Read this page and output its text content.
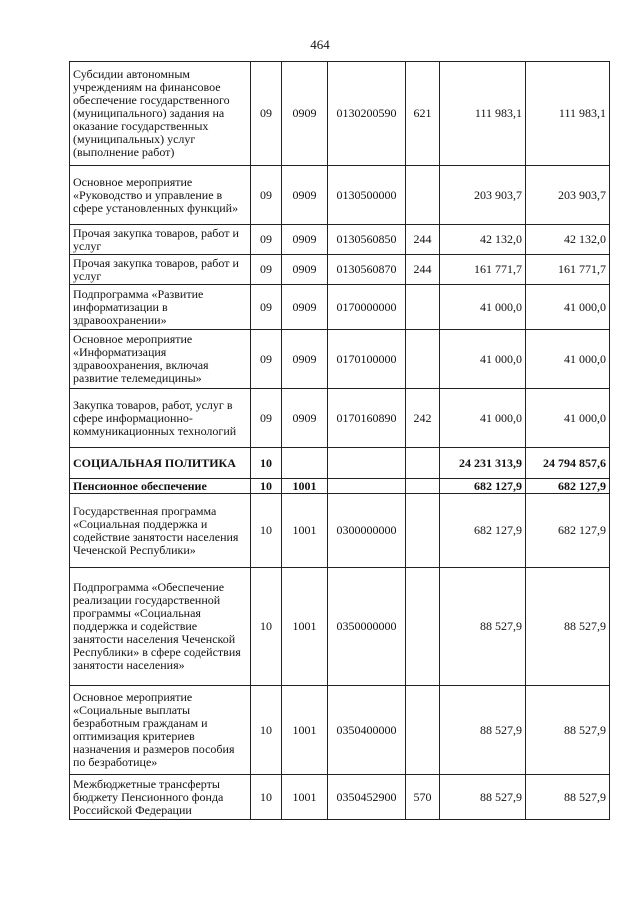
464
Субсидии автономным учреждениям на финансовое обеспечение государственного (муниципального) задания на оказание государственных (муниципальных) услуг (выполнение работ)	09	0909	0130200590	621	111 983,1	111 983,1
Основное мероприятие «Руководство и управление в сфере установленных функций»	09	0909	0130500000		203 903,7	203 903,7
Прочая закупка товаров, работ и услуг	09	0909	0130560850	244	42 132,0	42 132,0
Прочая закупка товаров, работ и услуг	09	0909	0130560870	244	161 771,7	161 771,7
Подпрограмма «Развитие информатизации в здравоохранении»	09	0909	0170000000		41 000,0	41 000,0
Основное мероприятие «Информатизация здравоохранения, включая развитие телемедицины»	09	0909	0170100000		41 000,0	41 000,0
Закупка товаров, работ, услуг в сфере информационно-коммуникационных технологий	09	0909	0170160890	242	41 000,0	41 000,0
СОЦИАЛЬНАЯ ПОЛИТИКА	10				24 231 313,9	24 794 857,6
Пенсионное обеспечение	10	1001			682 127,9	682 127,9
Государственная программа «Социальная поддержка и содействие занятости населения Чеченской Республики»	10	1001	0300000000		682 127,9	682 127,9
Подпрограмма «Обеспечение реализации государственной программы «Социальная поддержка и содействие занятости населения Чеченской Республики» в сфере содействия занятости населения»	10	1001	0350000000		88 527,9	88 527,9
Основное мероприятие «Социальные выплаты безработным гражданам и оптимизация критериев назначения и размеров пособия по безработице»	10	1001	0350400000		88 527,9	88 527,9
Межбюджетные трансферты бюджету Пенсионного фонда Российской Федерации	10	1001	0350452900	570	88 527,9	88 527,9
